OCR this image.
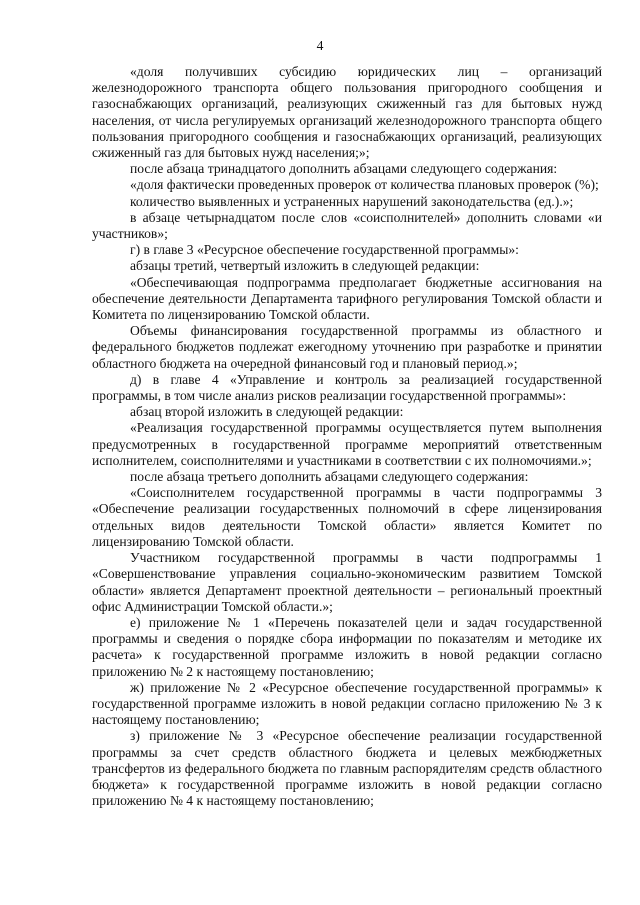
4

«доля получивших субсидию юридических лиц – организаций железнодорожного транспорта общего пользования пригородного сообщения и газоснабжающих организаций, реализующих сжиженный газ для бытовых нужд населения, от числа регулируемых организаций железнодорожного транспорта общего пользования пригородного сообщения и газоснабжающих организаций, реализующих сжиженный газ для бытовых нужд населения;»;

после абзаца тринадцатого дополнить абзацами следующего содержания:

«доля фактически проведенных проверок от количества плановых проверок (%);

количество выявленных и устраненных нарушений законодательства (ед.).»;

в абзаце четырнадцатом после слов «соисполнителей» дополнить словами «и участников»;

г) в главе 3 «Ресурсное обеспечение государственной программы»:

абзацы третий, четвертый изложить в следующей редакции:

«Обеспечивающая подпрограмма предполагает бюджетные ассигнования на обеспечение деятельности Департамента тарифного регулирования Томской области и Комитета по лицензированию Томской области.

Объемы финансирования государственной программы из областного и федерального бюджетов подлежат ежегодному уточнению при разработке и принятии областного бюджета на очередной финансовый год и плановый период.»;

д) в главе 4 «Управление и контроль за реализацией государственной программы, в том числе анализ рисков реализации государственной программы»:

абзац второй изложить в следующей редакции:

«Реализация государственной программы осуществляется путем выполнения предусмотренных в государственной программе мероприятий ответственным исполнителем, соисполнителями и участниками в соответствии с их полномочиями.»;

после абзаца третьего дополнить абзацами следующего содержания:

«Соисполнителем государственной программы в части подпрограммы 3 «Обеспечение реализации государственных полномочий в сфере лицензирования отдельных видов деятельности Томской области» является Комитет по лицензированию Томской области.

Участником государственной программы в части подпрограммы 1 «Совершенствование управления социально-экономическим развитием Томской области» является Департамент проектной деятельности – региональный проектный офис Администрации Томской области.»;

е) приложение № 1 «Перечень показателей цели и задач государственной программы и сведения о порядке сбора информации по показателям и методике их расчета» к государственной программе изложить в новой редакции согласно приложению № 2 к настоящему постановлению;

ж) приложение № 2 «Ресурсное обеспечение государственной программы» к государственной программе изложить в новой редакции согласно приложению № 3 к настоящему постановлению;

з) приложение № 3 «Ресурсное обеспечение реализации государственной программы за счет средств областного бюджета и целевых межбюджетных трансфертов из федерального бюджета по главным распорядителям средств областного бюджета» к государственной программе изложить в новой редакции согласно приложению № 4 к настоящему постановлению;
